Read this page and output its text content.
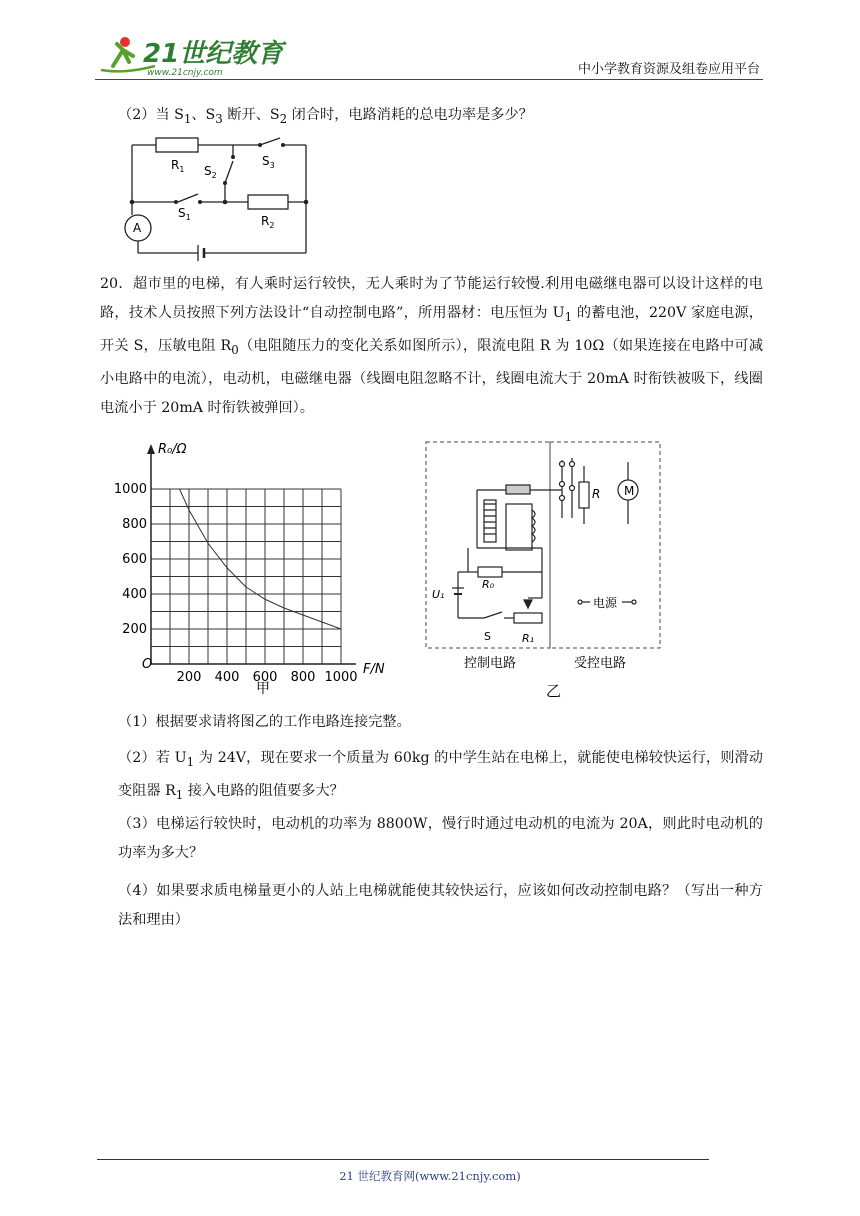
21世纪教育
www.21cnjy.com	中小学教育资源及组卷应用平台
（2）当 $S_1$、$S_3$ 断开、$S_2$ 闭合时，电路消耗的总电功率是多少？
$R_1$ $S_2$
$S_3$
$S_1$	$R_2$
A
20．超市里的电梯，有人乘时运行较快，无人乘时为了节能运行较慢.利用电磁继电器可以设计这样的电路，技术人员按照下列方法设计“自动控制电路”，所用器材：电压恒为 $U_1$ 的蓄电池，220V 家庭电源，开关 S，压敏电阻 $R_0$（电阻随压力的变化关系如图所示），限流电阻 R 为 10Ω（如果连接在电路中可减小电路中的电流），电动机，电磁继电器（线圈电阻忽略不计，线圈电流大于 20mA 时衔铁被吸下，线圈电流小于 20mA 时衔铁被弹回）。
200
400
600
800
1000
200 400 600 800 1000
O
R₀/Ω
F/N
甲
M
R
R₀
U₁
S	R₁
电源
控制电路	受控电路
乙
（1）根据要求请将图乙的工作电路连接完整。
（2）若 $U_1$ 为 24V，现在要求一个质量为 60kg 的中学生站在电梯上，就能使电梯较快运行，则滑动变阻器 $R_1$ 接入电路的阻值要多大？
（3）电梯运行较快时，电动机的功率为 8800W，慢行时通过电动机的电流为 20A，则此时电动机的功率为多大？
（4）如果要求质电梯量更小的人站上电梯就能使其较快运行，应该如何改动控制电路？（写出一种方法和理由）
21 世纪教育网(www.21cnjy.com)
